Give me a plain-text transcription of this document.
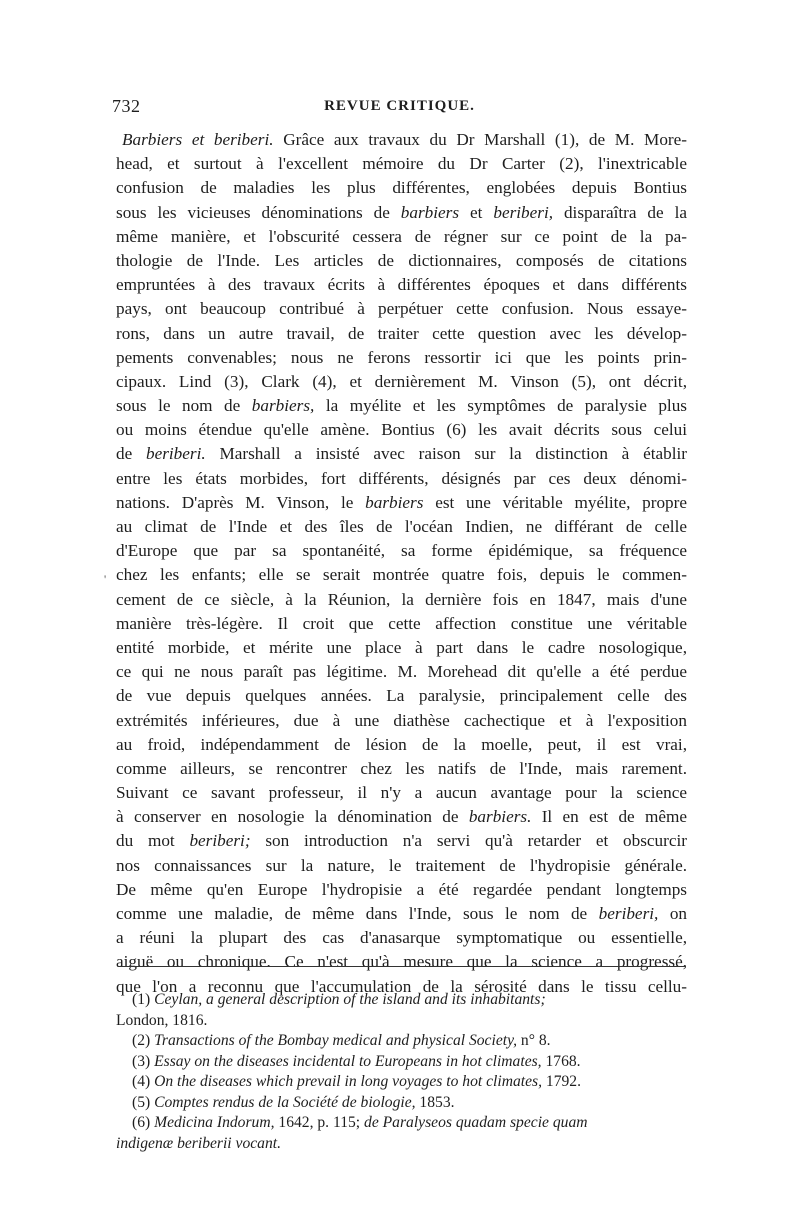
732	REVUE CRITIQUE.
'
Barbiers et beriberi. Grâce aux travaux du Dr Marshall (1), de M. More-
head, et surtout à l'excellent mémoire du Dr Carter (2), l'inextricable
confusion de maladies les plus différentes, englobées depuis Bontius
sous les vicieuses dénominations de barbiers et beriberi, disparaîtra de la
même manière, et l'obscurité cessera de régner sur ce point de la pa-
thologie de l'Inde. Les articles de dictionnaires, composés de citations
empruntées à des travaux écrits à différentes époques et dans différents
pays, ont beaucoup contribué à perpétuer cette confusion. Nous essaye-
rons, dans un autre travail, de traiter cette question avec les dévelop-
pements convenables; nous ne ferons ressortir ici que les points prin-
cipaux. Lind (3), Clark (4), et dernièrement M. Vinson (5), ont décrit,
sous le nom de barbiers, la myélite et les symptômes de paralysie plus
ou moins étendue qu'elle amène. Bontius (6) les avait décrits sous celui
de beriberi. Marshall a insisté avec raison sur la distinction à établir
entre les états morbides, fort différents, désignés par ces deux dénomi-
nations. D'après M. Vinson, le barbiers est une véritable myélite, propre
au climat de l'Inde et des îles de l'océan Indien, ne différant de celle
d'Europe que par sa spontanéité, sa forme épidémique, sa fréquence
chez les enfants; elle se serait montrée quatre fois, depuis le commen-
cement de ce siècle, à la Réunion, la dernière fois en 1847, mais d'une
manière très-légère. Il croit que cette affection constitue une véritable
entité morbide, et mérite une place à part dans le cadre nosologique,
ce qui ne nous paraît pas légitime. M. Morehead dit qu'elle a été perdue
de vue depuis quelques années. La paralysie, principalement celle des
extrémités inférieures, due à une diathèse cachectique et à l'exposition
au froid, indépendamment de lésion de la moelle, peut, il est vrai,
comme ailleurs, se rencontrer chez les natifs de l'Inde, mais rarement.
Suivant ce savant professeur, il n'y a aucun avantage pour la science
à conserver en nosologie la dénomination de barbiers. Il en est de même
du mot beriberi; son introduction n'a servi qu'à retarder et obscurcir
nos connaissances sur la nature, le traitement de l'hydropisie générale.
De même qu'en Europe l'hydropisie a été regardée pendant longtemps
comme une maladie, de même dans l'Inde, sous le nom de beriberi, on
a réuni la plupart des cas d'anasarque symptomatique ou essentielle,
aiguë ou chronique. Ce n'est qu'à mesure que la science a progressé,
que l'on a reconnu que l'accumulation de la sérosité dans le tissu cellu-
(1) Ceylan, a general description of the island and its inhabitants;
London, 1816.
(2) Transactions of the Bombay medical and physical Society, n° 8.
(3) Essay on the diseases incidental to Europeans in hot climates, 1768.
(4) On the diseases which prevail in long voyages to hot climates, 1792.
(5) Comptes rendus de la Société de biologie, 1853.
(6) Medicina Indorum, 1642, p. 115; de Paralyseos quadam specie quam
indigenæ beriberii vocant.
